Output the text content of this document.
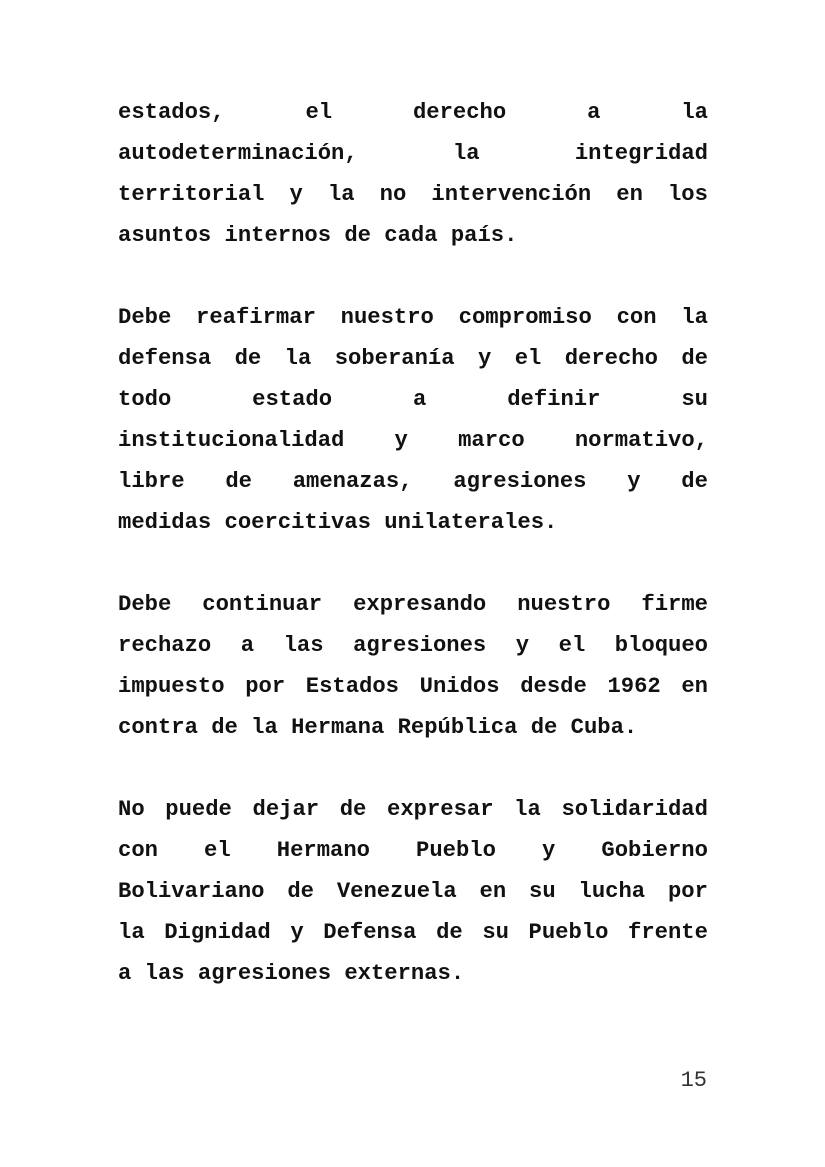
estados,	el	derecho	a	la
autodeterminación,	la	integridad
territorial y la no intervención en los
asuntos internos de cada país.
Debe reafirmar nuestro compromiso con la
defensa de la soberanía y el derecho de
todo	estado	a	definir	su
institucionalidad y marco normativo,
libre de amenazas, agresiones y de
medidas coercitivas unilaterales.
Debe continuar expresando nuestro firme
rechazo a las agresiones y el bloqueo
impuesto por Estados Unidos desde 1962 en
contra de la Hermana República de Cuba.
No puede dejar de expresar la solidaridad
con el Hermano Pueblo y Gobierno
Bolivariano de Venezuela en su lucha por
la Dignidad y Defensa de su Pueblo frente
a las agresiones externas.
15
